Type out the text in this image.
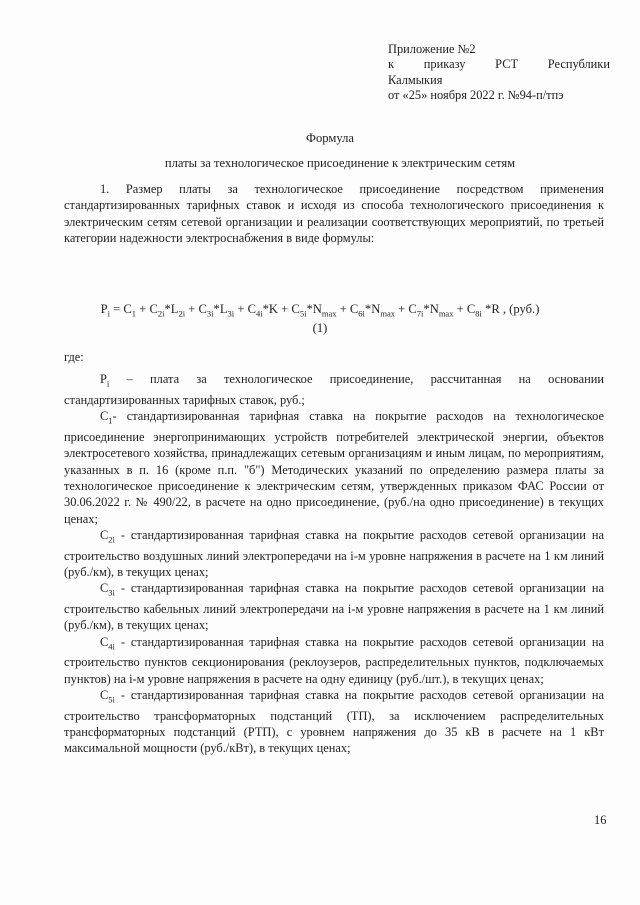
Приложение №2
к приказу РСТ Республики
Калмыкия
от «25» ноября 2022 г. №94-п/тпэ
Формула
платы за технологическое присоединение к электрическим сетям

1. Размер платы за технологическое присоединение посредством применения стандартизированных тарифных ставок и исходя из способа технологического присоединения к электрическим сетям сетевой организации и реализации соответствующих мероприятий, по третьей категории надежности электроснабжения в виде формулы:

$P_i = C_1 + C_{2i}*L_{2i} + C_{3i}*L_{3i} + C_{4i}*K + C_{5i}*N_{max} + C_{6i}*N_{max} + C_{7i}*N_{max} + C_{8i}$ *R , (руб.)
(1)

где:

$P_i$ – плата за технологическое присоединение, рассчитанная на основании стандартизированных тарифных ставок, руб.;

$C_1-$ стандартизированная тарифная ставка на покрытие расходов на технологическое присоединение энергопринимающих устройств потребителей электрической энергии, объектов электросетевого хозяйства, принадлежащих сетевым организациям и иным лицам, по мероприятиям, указанных в п. 16 (кроме п.п. "б") Методических указаний по определению размера платы за технологическое присоединение к электрическим сетям, утвержденных приказом ФАС России от 30.06.2022 г. № 490/22, в расчете на одно присоединение, (руб./на одно присоединение) в текущих ценах;

$C_{2i}$ - стандартизированная тарифная ставка на покрытие расходов сетевой организации на строительство воздушных линий электропередачи на i-м уровне напряжения в расчете на 1 км линий (руб./км), в текущих ценах;

$C_{3i}$ - стандартизированная тарифная ставка на покрытие расходов сетевой организации на строительство кабельных линий электропередачи на i-м уровне напряжения в расчете на 1 км линий (руб./км), в текущих ценах;

$C_{4i}$ - стандартизированная тарифная ставка на покрытие расходов сетевой организации на строительство пунктов секционирования (реклоузеров, распределительных пунктов, подключаемых пунктов) на i-м уровне напряжения в расчете на одну единицу (руб./шт.), в текущих ценах;

$C_{5i}$ - стандартизированная тарифная ставка на покрытие расходов сетевой организации на строительство трансформаторных подстанций (ТП), за исключением распределительных трансформаторных подстанций (РТП), с уровнем напряжения до 35 кВ в расчете на 1 кВт максимальной мощности (руб./кВт), в текущих ценах;

16
